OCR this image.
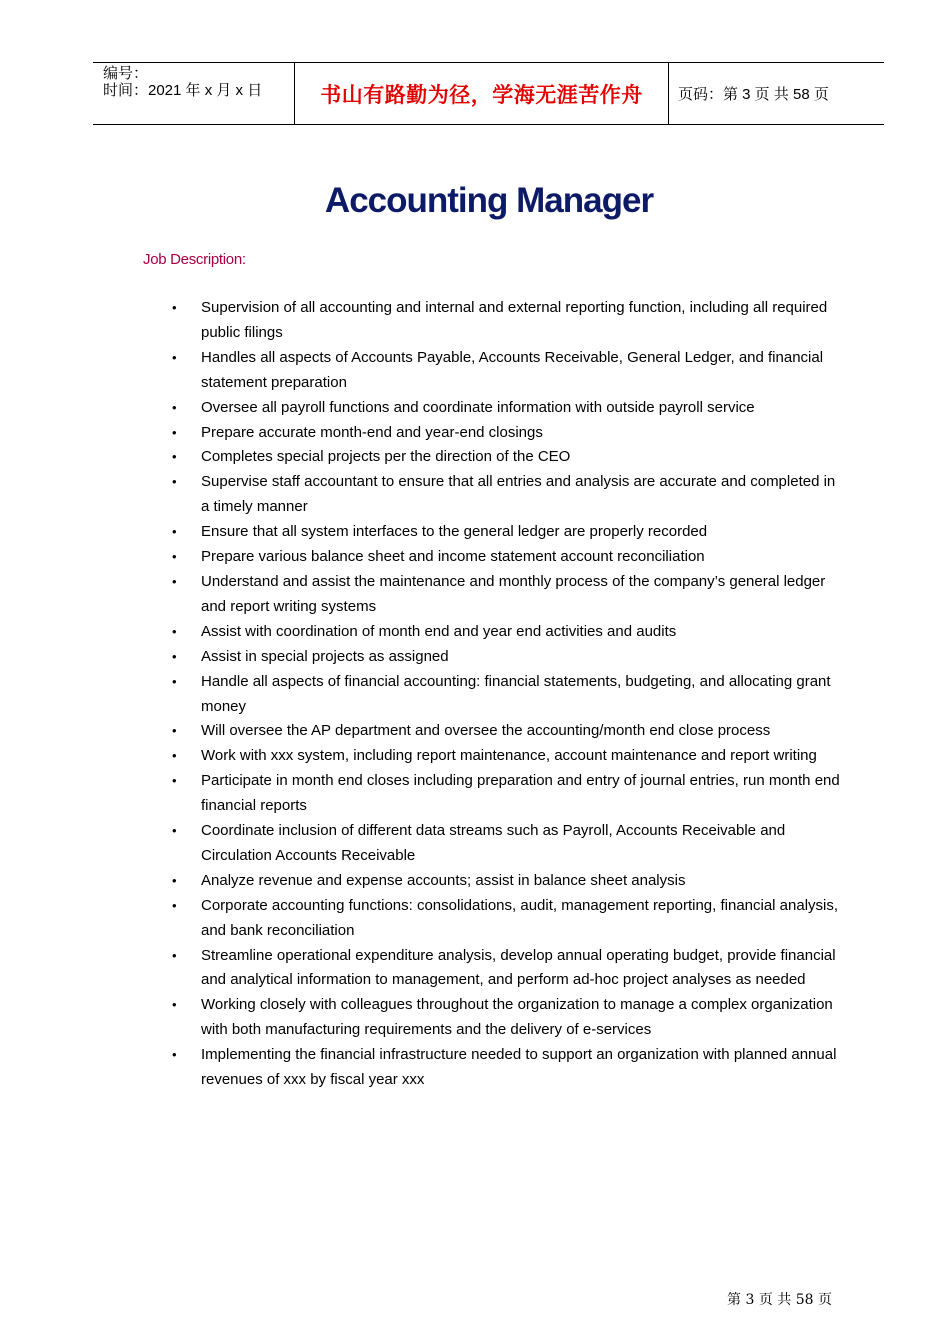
编号：
时间：2021 年 x 月 x 日	书山有路勤为径，学海无涯苦作舟 页码：第 3 页 共 58 页
Accounting Manager
Job Description:
• Supervision of all accounting and internal and external reporting function, including all required public filings
• Handles all aspects of Accounts Payable, Accounts Receivable, General Ledger, and financial statement preparation
• Oversee all payroll functions and coordinate information with outside payroll service
• Prepare accurate month-end and year-end closings
• Completes special projects per the direction of the CEO
• Supervise staff accountant to ensure that all entries and analysis are accurate and completed in a timely manner
• Ensure that all system interfaces to the general ledger are properly recorded
• Prepare various balance sheet and income statement account reconciliation
• Understand and assist the maintenance and monthly process of the company’s general ledger and report writing systems
• Assist with coordination of month end and year end activities and audits
• Assist in special projects as assigned
• Handle all aspects of financial accounting: financial statements, budgeting, and allocating grant money
• Will oversee the AP department and oversee the accounting/month end close process
• Work with xxx system, including report maintenance, account maintenance and report writing
• Participate in month end closes including preparation and entry of journal entries, run month end financial reports
• Coordinate inclusion of different data streams such as Payroll, Accounts Receivable and Circulation Accounts Receivable
• Analyze revenue and expense accounts; assist in balance sheet analysis
• Corporate accounting functions: consolidations, audit, management reporting, financial analysis, and bank reconciliation
• Streamline operational expenditure analysis, develop annual operating budget, provide financial and analytical information to management, and perform ad-hoc project analyses as needed
• Working closely with colleagues throughout the organization to manage a complex organization with both manufacturing requirements and the delivery of e-services
• Implementing the financial infrastructure needed to support an organization with planned annual revenues of xxx by fiscal year xxx
第 3 页 共 58 页
